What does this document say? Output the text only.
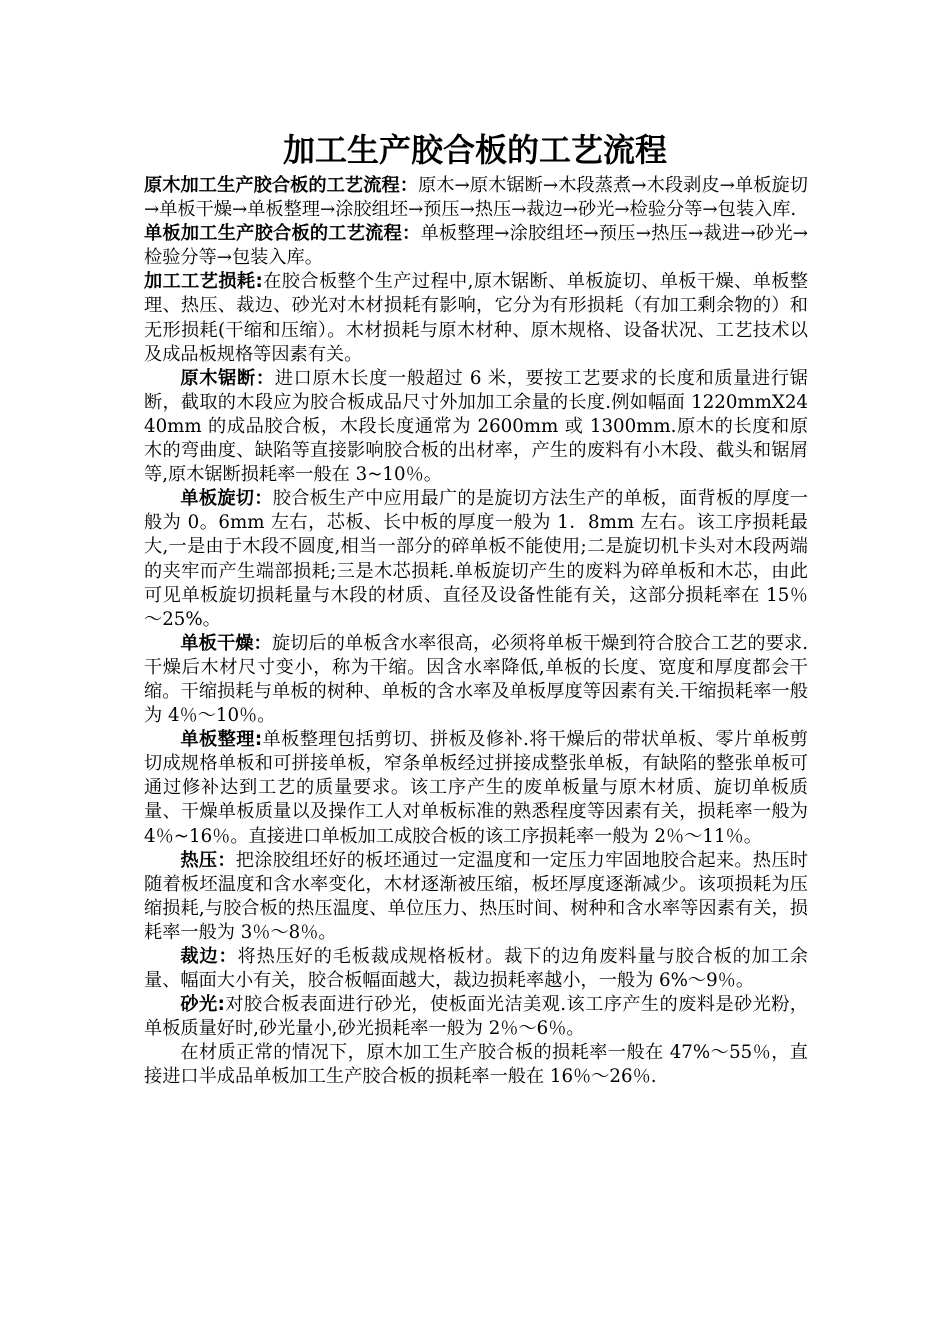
加工生产胶合板的工艺流程

原木加工生产胶合板的工艺流程：原木→原木锯断→木段蒸煮→木段剥皮→单板旋切→单板干燥→单板整理→涂胶组坯→预压→热压→裁边→砂光→检验分等→包装入库.

单板加工生产胶合板的工艺流程：单板整理→涂胶组坯→预压→热压→裁进→砂光→检验分等→包装入库。

加工工艺损耗:在胶合板整个生产过程中,原木锯断、单板旋切、单板干燥、单板整理、热压、裁边、砂光对木材损耗有影响，它分为有形损耗（有加工剩余物的）和无形损耗(干缩和压缩）。木材损耗与原木材种、原木规格、设备状况、工艺技术以及成品板规格等因素有关。

原木锯断：进口原木长度一般超过 6 米，要按工艺要求的长度和质量进行锯断，截取的木段应为胶合板成品尺寸外加加工余量的长度.例如幅面 1220mmX2440mm 的成品胶合板，木段长度通常为 2600mm 或 1300mm.原木的长度和原木的弯曲度、缺陷等直接影响胶合板的出材率，产生的废料有小木段、截头和锯屑等,原木锯断损耗率一般在 3~10％。

单板旋切：胶合板生产中应用最广的是旋切方法生产的单板，面背板的厚度一般为 0。6mm 左右，芯板、长中板的厚度一般为 1．8mm 左右。该工序损耗最大,一是由于木段不圆度,相当一部分的碎单板不能使用;二是旋切机卡头对木段两端的夹牢而产生端部损耗;三是木芯损耗.单板旋切产生的废料为碎单板和木芯，由此可见单板旋切损耗量与木段的材质、直径及设备性能有关，这部分损耗率在 15％～25%。

单板干燥：旋切后的单板含水率很高，必须将单板干燥到符合胶合工艺的要求.干燥后木材尺寸变小，称为干缩。因含水率降低,单板的长度、宽度和厚度都会干缩。干缩损耗与单板的树种、单板的含水率及单板厚度等因素有关.干缩损耗率一般为 4％～10％。

单板整理:单板整理包括剪切、拼板及修补.将干燥后的带状单板、零片单板剪切成规格单板和可拼接单板，窄条单板经过拼接成整张单板，有缺陷的整张单板可通过修补达到工艺的质量要求。该工序产生的废单板量与原木材质、旋切单板质量、干燥单板质量以及操作工人对单板标准的熟悉程度等因素有关，损耗率一般为 4％~16％。直接进口单板加工成胶合板的该工序损耗率一般为 2％～11％。

热压：把涂胶组坯好的板坯通过一定温度和一定压力牢固地胶合起来。热压时随着板坯温度和含水率变化，木材逐渐被压缩，板坯厚度逐渐减少。该项损耗为压缩损耗,与胶合板的热压温度、单位压力、热压时间、树种和含水率等因素有关，损耗率一般为 3％～8％。

裁边：将热压好的毛板裁成规格板材。裁下的边角废料量与胶合板的加工余量、幅面大小有关，胶合板幅面越大，裁边损耗率越小，一般为 6%～9％。

砂光:对胶合板表面进行砂光，使板面光洁美观.该工序产生的废料是砂光粉，单板质量好时,砂光量小,砂光损耗率一般为 2％～6％。

在材质正常的情况下，原木加工生产胶合板的损耗率一般在 47%～55％，直接进口半成品单板加工生产胶合板的损耗率一般在 16％～26％.
